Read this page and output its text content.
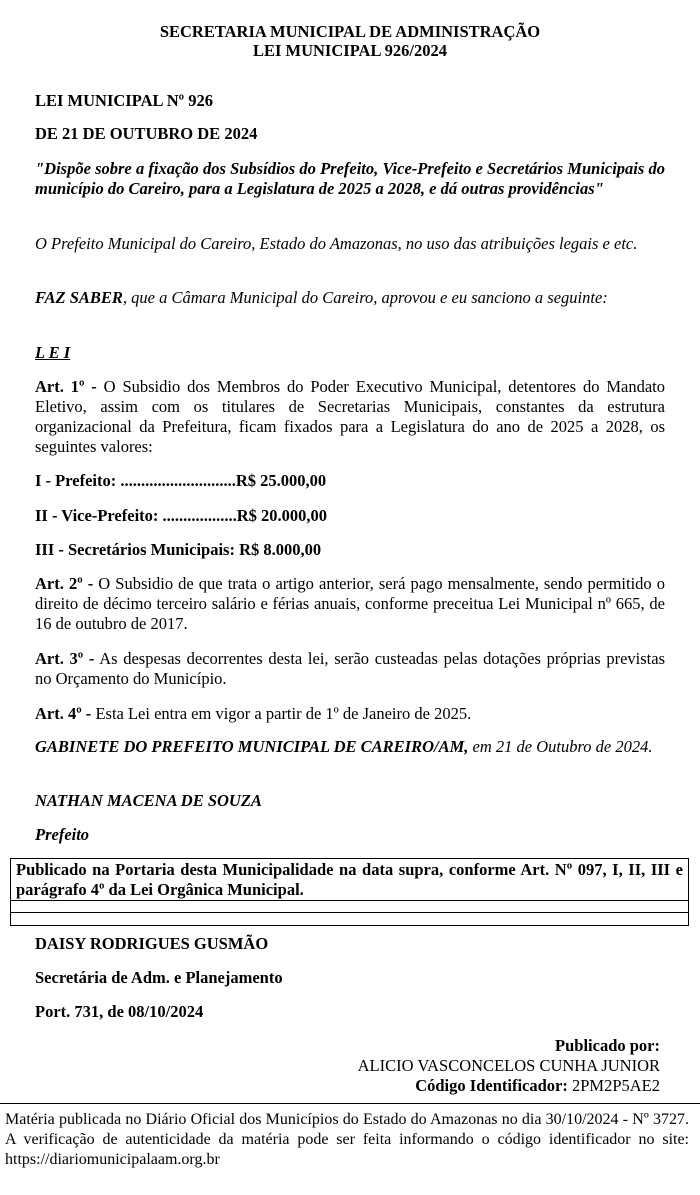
SECRETARIA MUNICIPAL DE ADMINISTRAÇÃO
LEI MUNICIPAL 926/2024

LEI MUNICIPAL Nº 926

DE 21 DE OUTUBRO DE 2024

"Dispõe sobre a fixação dos Subsídios do Prefeito, Vice-Prefeito e Secretários Municipais do município do Careiro, para a Legislatura de 2025 a 2028, e dá outras providências"

O Prefeito Municipal do Careiro, Estado do Amazonas, no uso das atribuições legais e etc.

FAZ SABER, que a Câmara Municipal do Careiro, aprovou e eu sanciono a seguinte:

L E I

Art. 1º - O Subsidio dos Membros do Poder Executivo Municipal, detentores do Mandato Eletivo, assim com os titulares de Secretarias Municipais, constantes da estrutura organizacional da Prefeitura, ficam fixados para a Legislatura do ano de 2025 a 2028, os seguintes valores:

I - Prefeito: ............................R$ 25.000,00

II - Vice-Prefeito: ..................R$ 20.000,00

III - Secretários Municipais: R$ 8.000,00

Art. 2º - O Subsidio de que trata o artigo anterior, será pago mensalmente, sendo permitido o direito de décimo terceiro salário e férias anuais, conforme preceitua Lei Municipal nº 665, de 16 de outubro de 2017.

Art. 3º - As despesas decorrentes desta lei, serão custeadas pelas dotações próprias previstas no Orçamento do Município.

Art. 4º - Esta Lei entra em vigor a partir de 1º de Janeiro de 2025.

GABINETE DO PREFEITO MUNICIPAL DE CAREIRO/AM, em 21 de Outubro de 2024.

NATHAN MACENA DE SOUZA

Prefeito

Publicado na Portaria desta Municipalidade na data supra, conforme Art. Nº 097, I, II, III e parágrafo 4º da Lei Orgânica Municipal.

DAISY RODRIGUES GUSMÃO

Secretária de Adm. e Planejamento

Port. 731, de 08/10/2024

Publicado por:
ALICIO VASCONCELOS CUNHA JUNIOR
Código Identificador: 2PM2P5AE2
Matéria publicada no Diário Oficial dos Municípios do Estado do Amazonas no dia 30/10/2024 - Nº 3727. A verificação de autenticidade da matéria pode ser feita informando o código identificador no site: https://diariomunicipalaam.org.br
